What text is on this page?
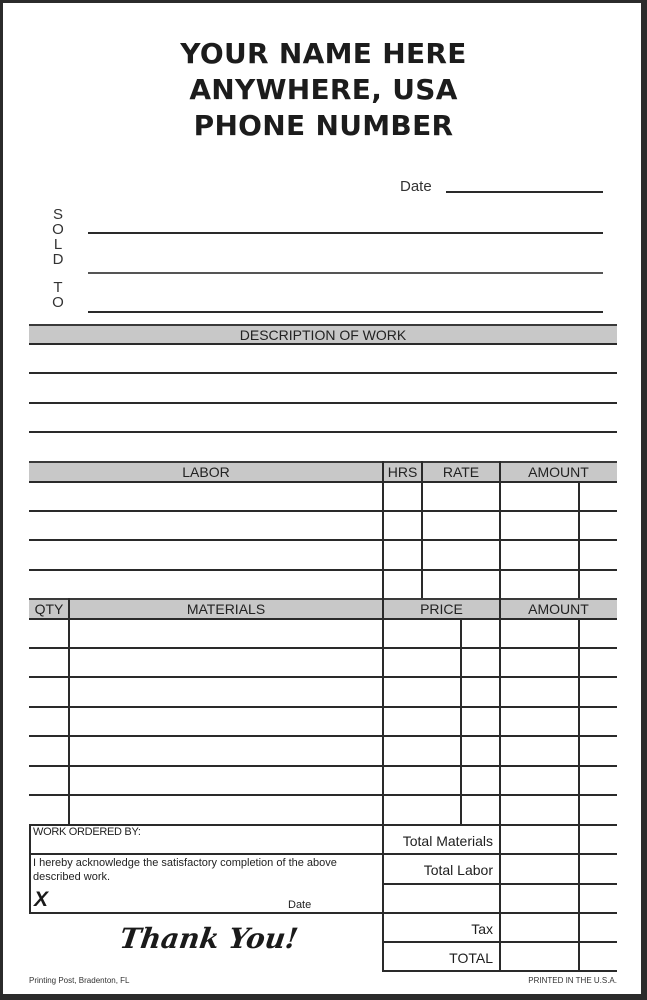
YOUR NAME HERE
ANYWHERE, USA
PHONE NUMBER
Date
S
O
L
D
T
O
DESCRIPTION OF WORK
LABOR	HRS	RATE	AMOUNT
QTY	MATERIALS	PRICE	AMOUNT
WORK ORDERED BY:
I hereby acknowledge the satisfactory completion of the above described work.
X	Date
Total Materials
Total Labor
Tax
TOTAL
Thank You!
Printing Post, Bradenton, FL	PRINTED IN THE U.S.A.
